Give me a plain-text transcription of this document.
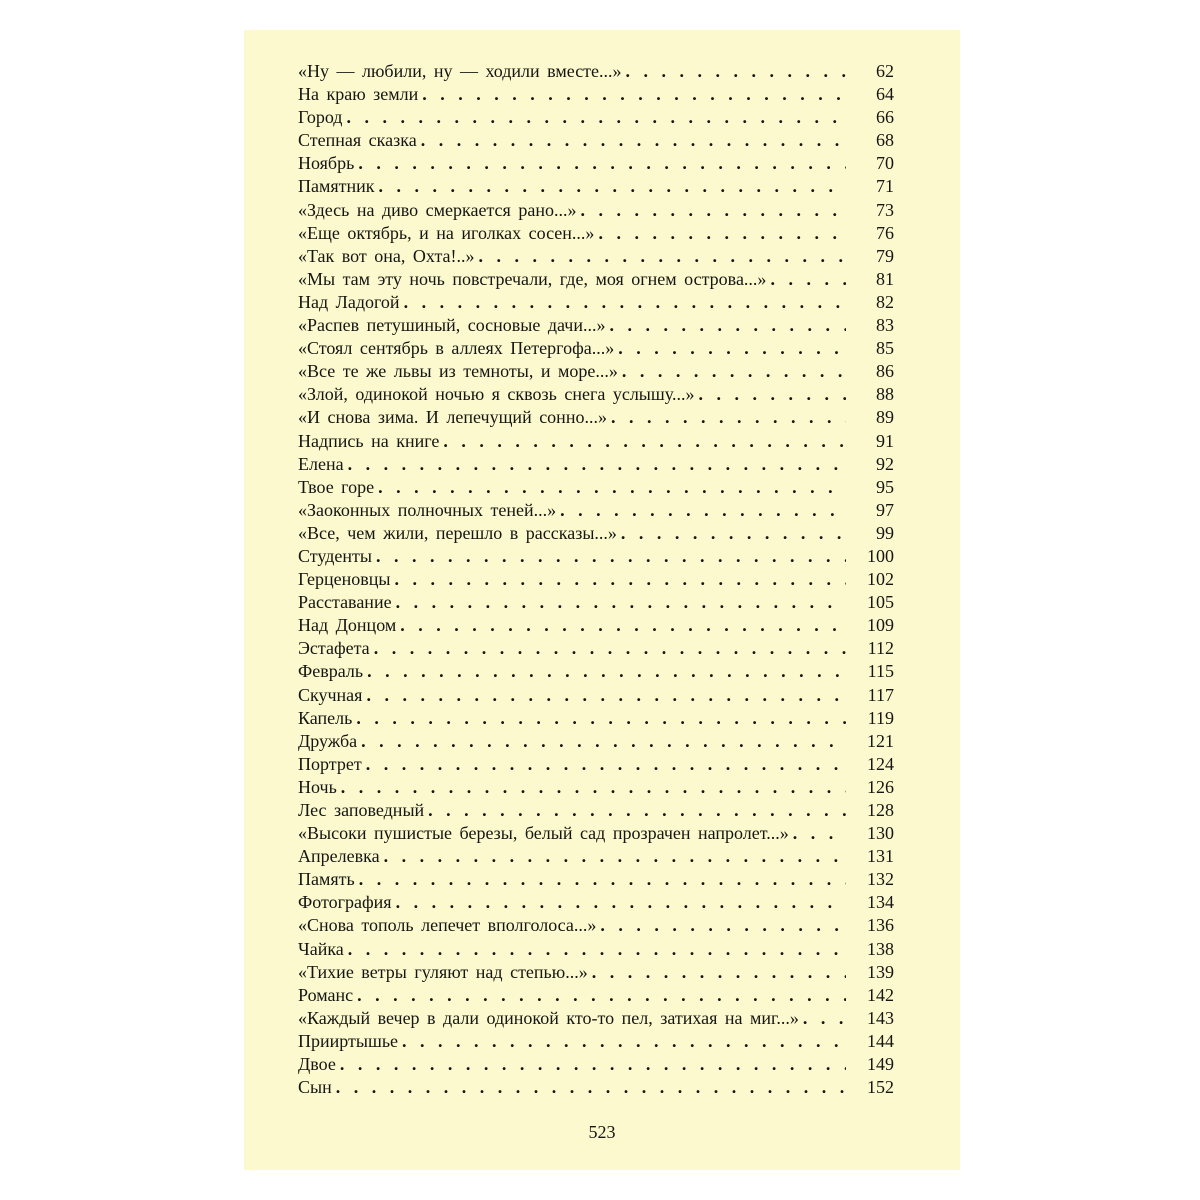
«Ну — любили, ну — ходили вместе...» . . .	62
На краю земли . . .	64
Город . . .	66
Степная сказка . . .	68
Ноябрь . . .	70
Памятник . . .	71
«Здесь на диво смеркается рано...» . . .	73
«Еще октябрь, и на иголках сосен...» . . .	76
«Так вот она, Охта!..» . . .	79
«Мы там эту ночь повстречали, где, моя огнем острова...» . . .	81
Над Ладогой . . .	82
«Распев петушиный, сосновые дачи...» . . .	83
«Стоял сентябрь в аллеях Петергофа...» . . .	85
«Все те же львы из темноты, и море...» . . .	86
«Злой, одинокой ночью я сквозь снега услышу...» . . .	88
«И снова зима. И лепечущий сонно...» . . .	89
Надпись на книге . . .	91
Елена . . .	92
Твое горе . . .	95
«Заоконных полночных теней...» . . .	97
«Все, чем жили, перешло в рассказы...» . . .	99
Студенты . . .	100
Герценовцы . . .	102
Расставание . . .	105
Над Донцом . . .	109
Эстафета . . .	112
Февраль . . .	115
Скучная . . .	117
Капель . . .	119
Дружба . . .	121
Портрет . . .	124
Ночь . . .	126
Лес заповедный . . .	128
«Высоки пушистые березы, белый сад прозрачен напролет...» . . .	130
Апрелевка . . .	131
Память . . .	132
Фотография . . .	134
«Снова тополь лепечет вполголоса...» . . .	136
Чайка . . .	138
«Тихие ветры гуляют над степью...» . . .	139
Романс . . .	142
«Каждый вечер в дали одинокой кто-то пел, затихая на миг...» . . .	143
Прииртышье . . .	144
Двое . . .	149
Сын . . .	152
523
